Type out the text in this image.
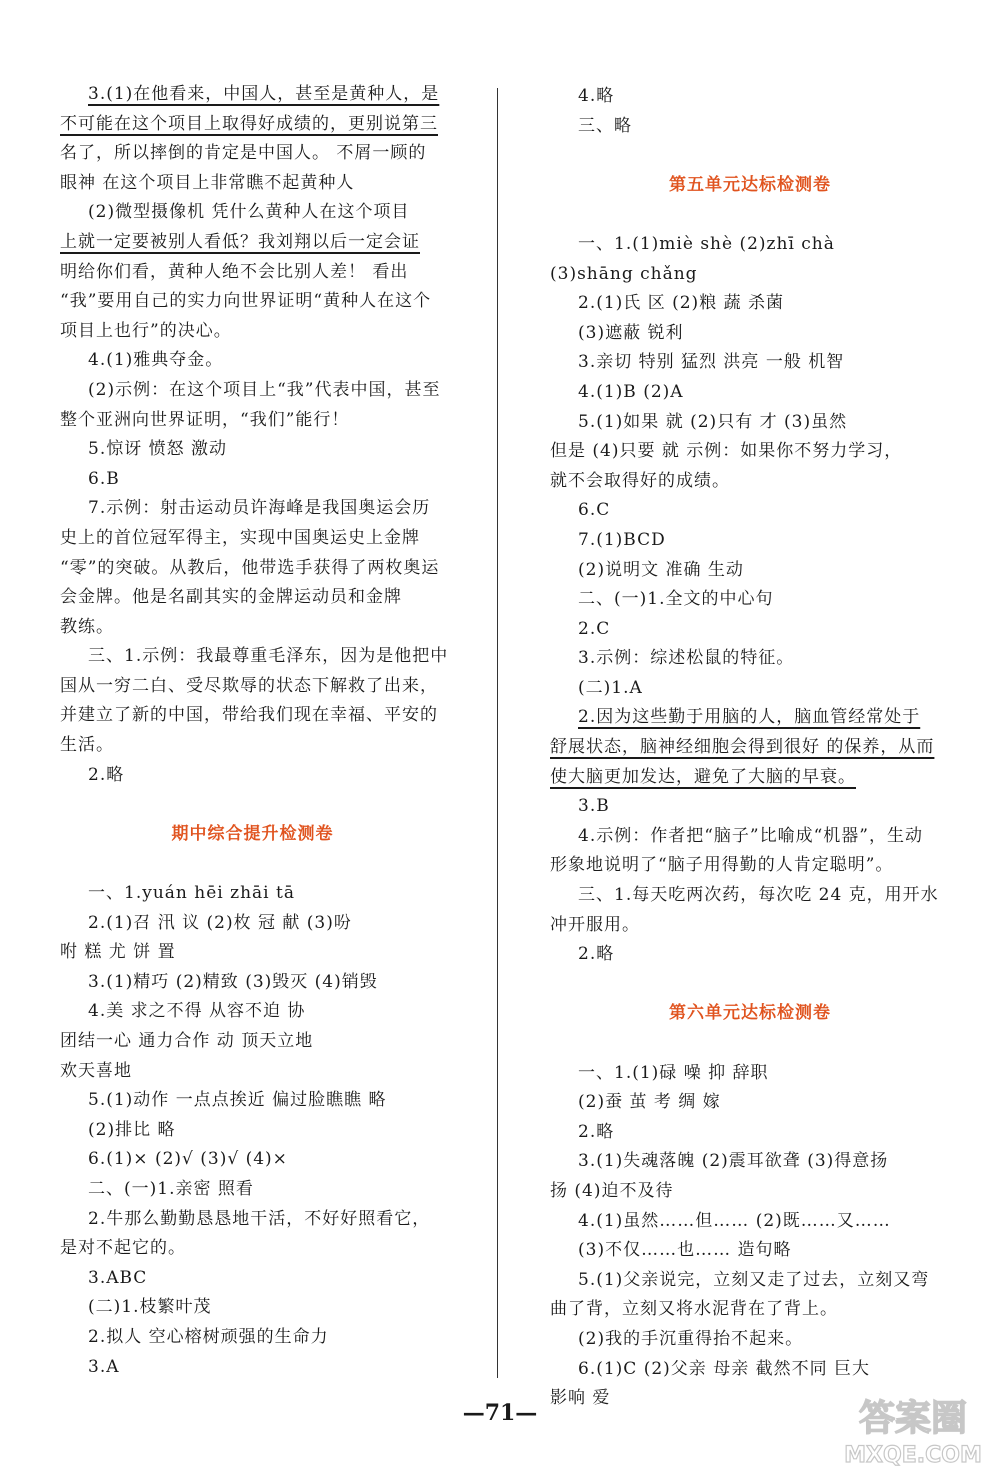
3.(1)在他看来，中国人，甚至是黄种人，是
不可能在这个项目上取得好成绩的，更别说第三
名了，所以摔倒的肯定是中国人。 不屑一顾的
眼神 在这个项目上非常瞧不起黄种人
(2)微型摄像机 凭什么黄种人在这个项目
上就一定要被别人看低？我刘翔以后一定会证
明给你们看，黄种人绝不会比别人差！ 看出
“我”要用自己的实力向世界证明“黄种人在这个
项目上也行”的决心。
4.(1)雅典夺金。
(2)示例：在这个项目上“我”代表中国，甚至
整个亚洲向世界证明，“我们”能行！
5.惊讶 愤怒 激动
6.B
7.示例：射击运动员许海峰是我国奥运会历
史上的首位冠军得主，实现中国奥运史上金牌
“零”的突破。从教后，他带选手获得了两枚奥运
会金牌。他是名副其实的金牌运动员和金牌
教练。
三、1.示例：我最尊重毛泽东，因为是他把中
国从一穷二白、受尽欺辱的状态下解救了出来，
并建立了新的中国，带给我们现在幸福、平安的
生活。
2.略
期中综合提升检测卷
一、1.yuán hēi zhāi tā
2.(1)召 汛 议 (2)枚 冠 献 (3)吩
咐 糕 尤 饼 置
3.(1)精巧 (2)精致 (3)毁灭 (4)销毁
4.美 求之不得 从容不迫 协
团结一心 通力合作 动 顶天立地
欢天喜地
5.(1)动作 一点点挨近 偏过脸瞧瞧 略
(2)排比 略
6.(1)× (2)√ (3)√ (4)×
二、(一)1.亲密 照看
2.牛那么勤勤恳恳地干活，不好好照看它，
是对不起它的。
3.ABC
(二)1.枝繁叶茂
2.拟人 空心榕树顽强的生命力
3.A
4.略
三、略
第五单元达标检测卷
一、1.(1)miè shè (2)zhī chà
(3)shāng chǎng
2.(1)氏 区 (2)粮 蔬 杀菌
(3)遮蔽 锐利
3.亲切 特别 猛烈 洪亮 一般 机智
4.(1)B (2)A
5.(1)如果 就 (2)只有 才 (3)虽然
但是 (4)只要 就 示例：如果你不努力学习，
就不会取得好的成绩。
6.C
7.(1)BCD
(2)说明文 准确 生动
二、(一)1.全文的中心句
2.C
3.示例：综述松鼠的特征。
(二)1.A
2.因为这些勤于用脑的人，脑血管经常处于
舒展状态，脑神经细胞会得到很好 的保养，从而
使大脑更加发达，避免了大脑的早衰。
3.B
4.示例：作者把“脑子”比喻成“机器”，生动
形象地说明了“脑子用得勤的人肯定聪明”。
三、1.每天吃两次药，每次吃 24 克，用开水
冲开服用。
2.略
第六单元达标检测卷
一、1.(1)碌 噪 抑 辞职
(2)蚕 茧 考 绸 嫁
2.略
3.(1)失魂落魄 (2)震耳欲聋 (3)得意扬
扬 (4)迫不及待
4.(1)虽然……但…… (2)既……又……
(3)不仅……也…… 造句略
5.(1)父亲说完，立刻又走了过去，立刻又弯
曲了背，立刻又将水泥背在了背上。
(2)我的手沉重得抬不起来。
6.(1)C (2)父亲 母亲 截然不同 巨大
影响 爱
—71—	答案圈
MXQE.COM
